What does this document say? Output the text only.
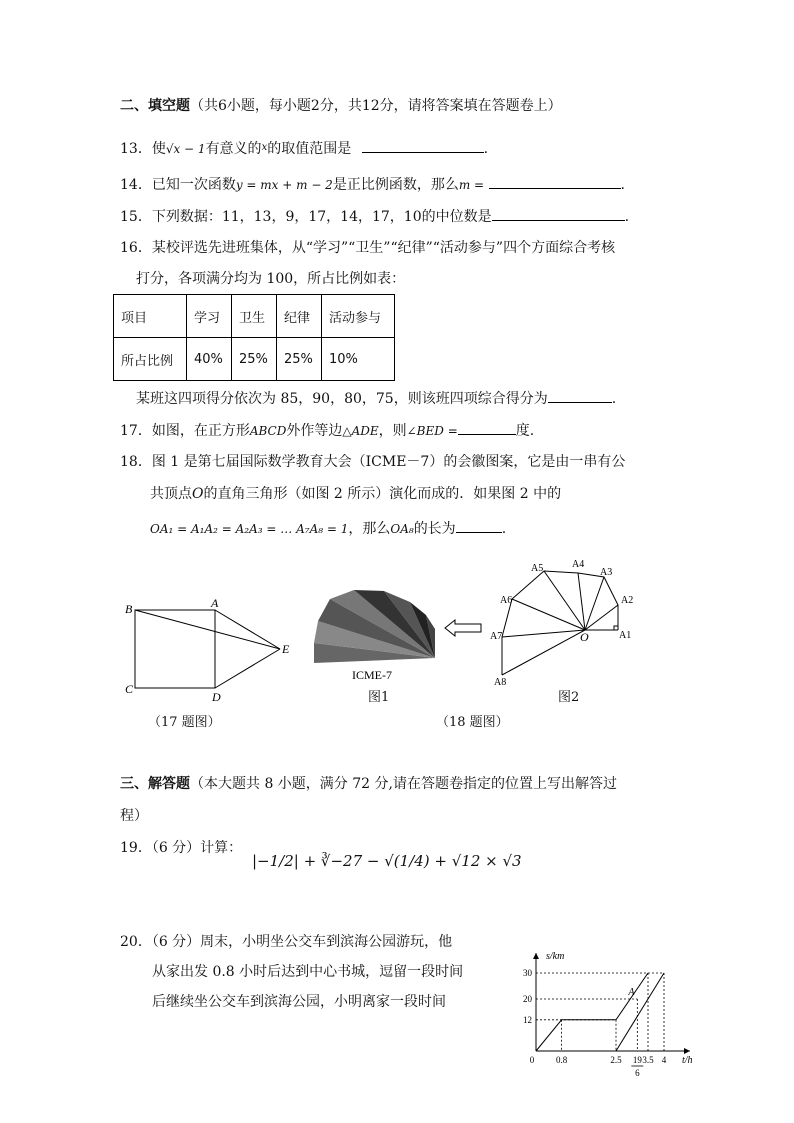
二、填空题（共6小题，每小题2分，共12分，请将答案填在答题卷上）
13．使√x − 1有意义的$^x$的取值范围是	.
14．已知一次函数y = mx + m − 2是正比例函数，那么m =	.
15．下列数据：11，13，9，17，14，17，10的中位数是	.
16．某校评选先进班集体，从“学习”“卫生”“纪律”“活动参与”四个方面综合考核
打分，各项满分均为 100，所占比例如表：
项目	学习	卫生	纪律	活动参与
所占比例	40%	25%	25%	10%
某班这四项得分依次为 85，90，80，75，则该班四项综合得分为	.
17．如图，在正方形ABCD外作等边△ADE，则∠BED =	度.
18．图 1 是第七届国际数学教育大会（ICME－7）的会徽图案，它是由一串有公
共顶点O的直角三角形（如图 2 所示）演化而成的．如果图 2 中的
OA₁ = A₁A₂ = A₂A₃ = … A₇A₈ = 1，那么OA₈的长为	.
B	A
C
D
E
（17 题图）
ICME-7
图1
O	A1
A2
A3
A4
A5
A6
A7
A8
图2
（18 题图）
三、解答题（本大题共 8 小题，满分 72 分,请在答题卷指定的位置上写出解答过
程）
19．（6 分）计算：
|−1/2| + ∛−27 − √(1/4) + √12 × √3
20．（6 分）周末，小明坐公交车到滨海公园游玩，他
从家出发 0.8 小时后达到中心书城，逗留一段时间
后继续坐公交车到滨海公园，小明离家一段时间
s/km
t/h
0 0.8	2.5 19
6
3.5 4
12
20
30
A
